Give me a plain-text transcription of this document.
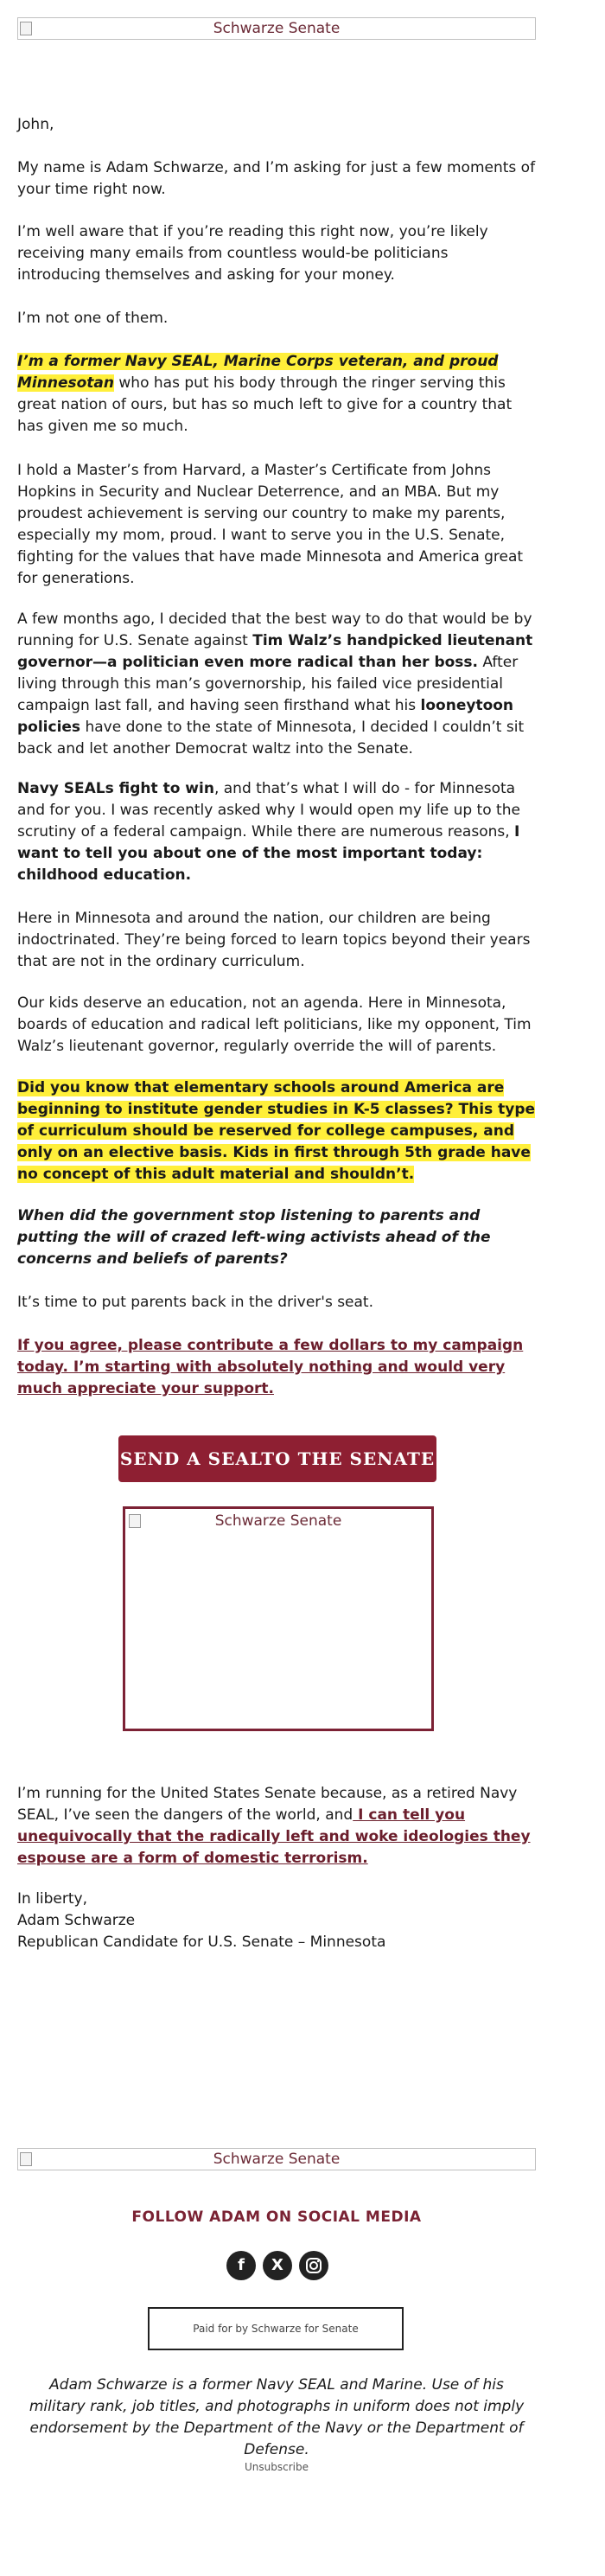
Schwarze Senate

John,

My name is Adam Schwarze, and I’m asking for just a few moments of your time right now.

I’m well aware that if you’re reading this right now, you’re likely receiving many emails from countless would-be politicians introducing themselves and asking for your money.

I’m not one of them.

I’m a former Navy SEAL, Marine Corps veteran, and proud Minnesotan who has put his body through the ringer serving this great nation of ours, but has so much left to give for a country that has given me so much.

I hold a Master’s from Harvard, a Master’s Certificate from Johns Hopkins in Security and Nuclear Deterrence, and an MBA. But my proudest achievement is serving our country to make my parents, especially my mom, proud. I want to serve you in the U.S. Senate, fighting for the values that have made Minnesota and America great for generations.

A few months ago, I decided that the best way to do that would be by running for U.S. Senate against Tim Walz’s handpicked lieutenant governor—a politician even more radical than her boss. After living through this man’s governorship, his failed vice presidential campaign last fall, and having seen firsthand what his looneytoon policies have done to the state of Minnesota, I decided I couldn’t sit back and let another Democrat waltz into the Senate.

Navy SEALs fight to win, and that’s what I will do - for Minnesota and for you. I was recently asked why I would open my life up to the scrutiny of a federal campaign. While there are numerous reasons, I want to tell you about one of the most important today: childhood education.

Here in Minnesota and around the nation, our children are being indoctrinated. They’re being forced to learn topics beyond their years that are not in the ordinary curriculum.

Our kids deserve an education, not an agenda. Here in Minnesota, boards of education and radical left politicians, like my opponent, Tim Walz’s lieutenant governor, regularly override the will of parents.

Did you know that elementary schools around America are beginning to institute gender studies in K-5 classes? This type of curriculum should be reserved for college campuses, and only on an elective basis. Kids in first through 5th grade have no concept of this adult material and shouldn’t.

When did the government stop listening to parents and putting the will of crazed left-wing activists ahead of the concerns and beliefs of parents?

It’s time to put parents back in the driver's seat.

If you agree, please contribute a few dollars to my campaign today. I’m starting with absolutely nothing and would very much appreciate your support.

SEND A SEALTO THE SENATE
Schwarze Senate

I’m running for the United States Senate because, as a retired Navy SEAL, I’ve seen the dangers of the world, and I can tell you unequivocally that the radically left and woke ideologies they espouse are a form of domestic terrorism.

In liberty,

Adam Schwarze

Republican Candidate for U.S. Senate – Minnesota

Schwarze Senate
FOLLOW ADAM ON SOCIAL MEDIA
f	X
Paid for by Schwarze for Senate
Adam Schwarze is a former Navy SEAL and Marine. Use of his military rank, job titles, and photographs in uniform does not imply endorsement by the Department of the Navy or the Department of Defense.
Unsubscribe
